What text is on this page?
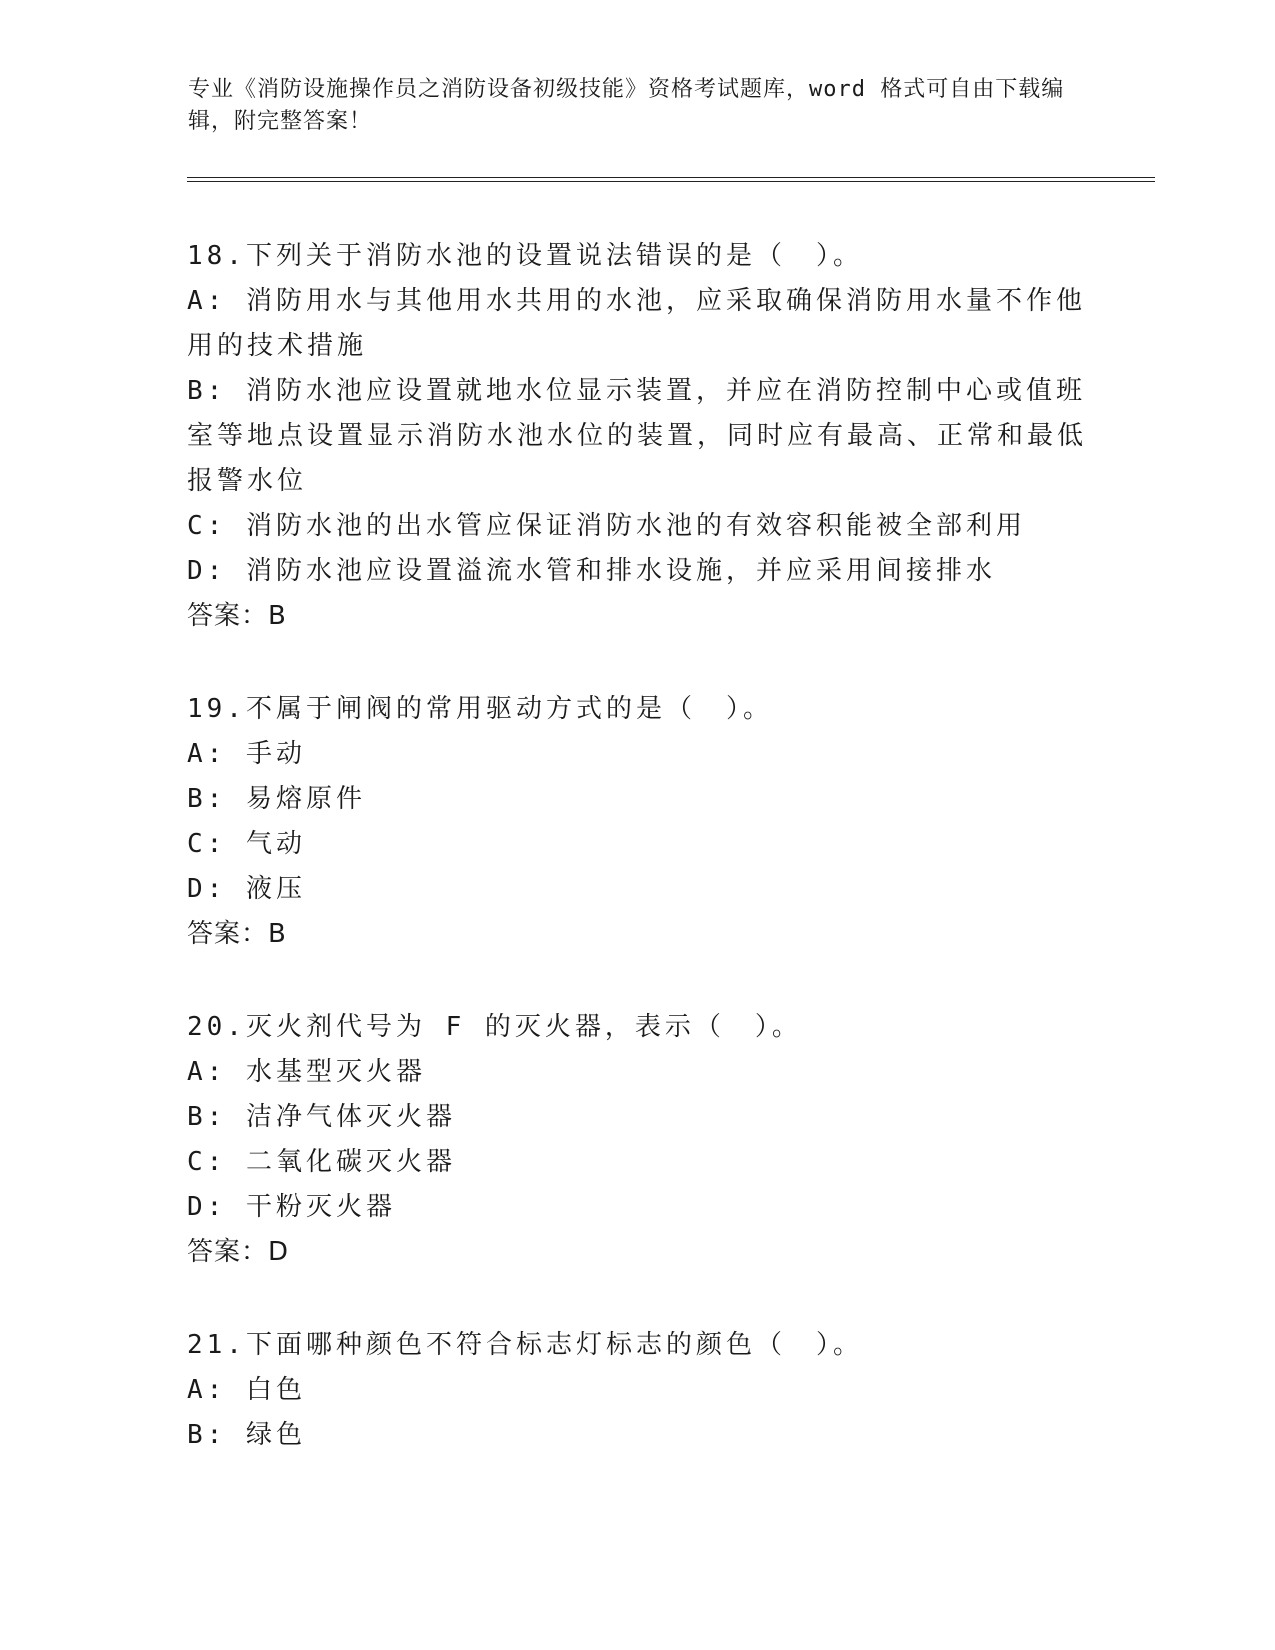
专业《消防设施操作员之消防设备初级技能》资格考试题库，word 格式可自由下载编辑，附完整答案！
18.下列关于消防水池的设置说法错误的是（　）。
A: 消防用水与其他用水共用的水池，应采取确保消防用水量不作他用的技术措施
B: 消防水池应设置就地水位显示装置，并应在消防控制中心或值班室等地点设置显示消防水池水位的装置，同时应有最高、正常和最低报警水位
C: 消防水池的出水管应保证消防水池的有效容积能被全部利用
D: 消防水池应设置溢流水管和排水设施，并应采用间接排水
答案：B
19.不属于闸阀的常用驱动方式的是（　）。
A: 手动
B: 易熔原件
C: 气动
D: 液压
答案：B
20.灭火剂代号为 F 的灭火器，表示（　）。
A: 水基型灭火器
B: 洁净气体灭火器
C: 二氧化碳灭火器
D: 干粉灭火器
答案：D
21.下面哪种颜色不符合标志灯标志的颜色（　）。
A: 白色
B: 绿色
